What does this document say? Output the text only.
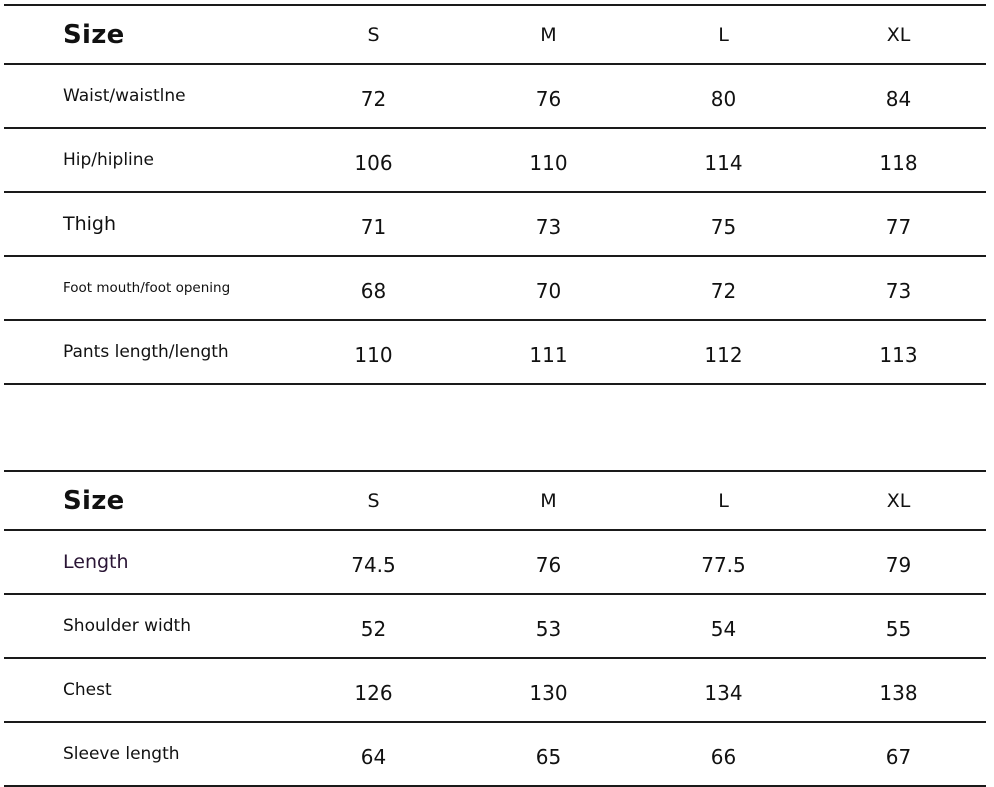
Size	S	M	L	XL
Waist/waistlne	72	76	80	84
Hip/hipline	106	110	114	118
Thigh	71	73	75	77
Foot mouth/foot opening	68	70	72	73
Pants length/length	110	111	112	113
Size	S	M	L	XL
Length	74.5	76	77.5	79
Shoulder width	52	53	54	55
Chest	126	130	134	138
Sleeve length	64	65	66	67
